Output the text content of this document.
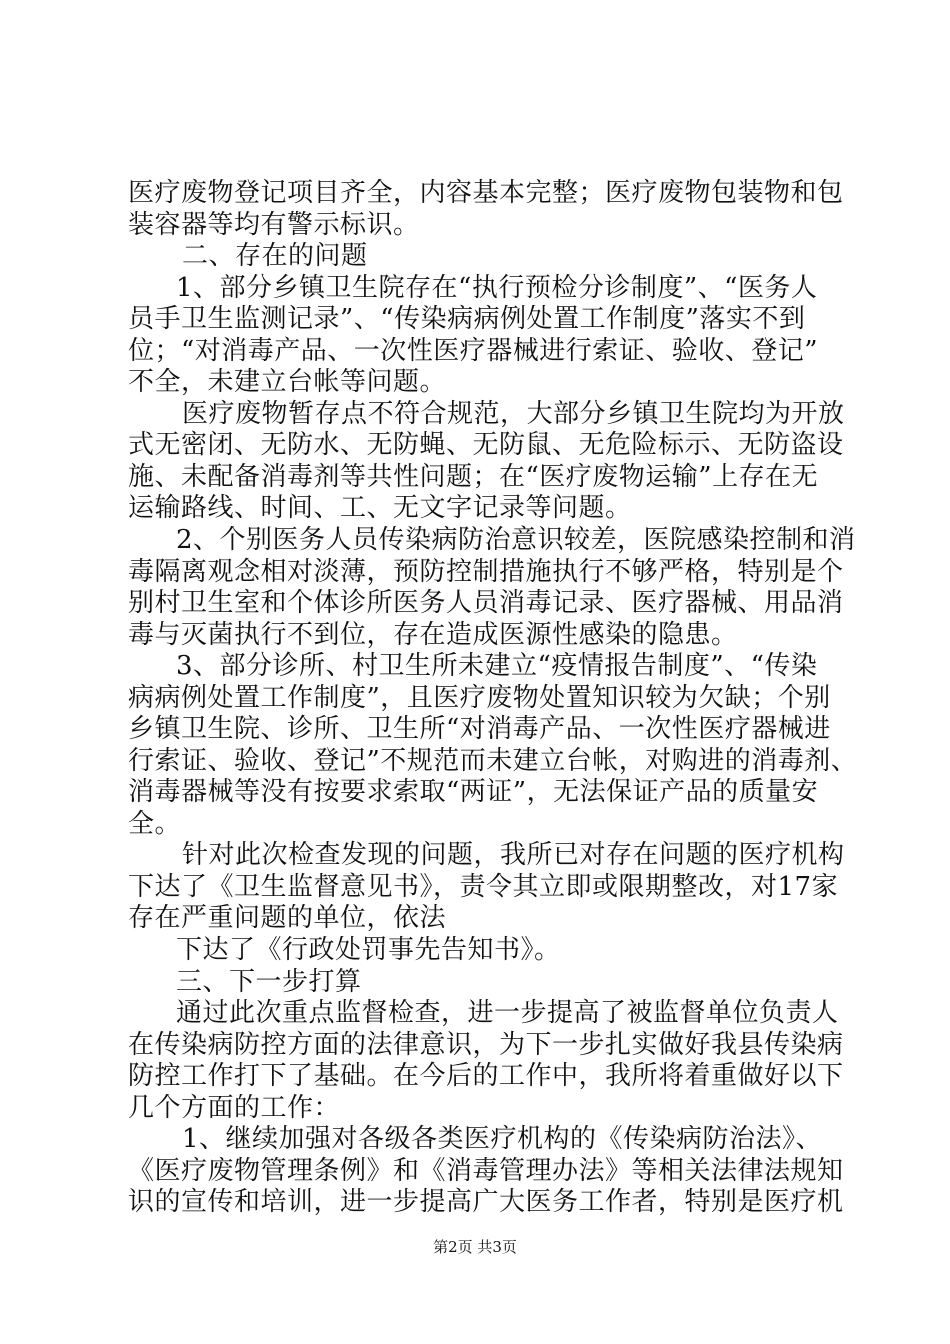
医疗废物登记项目齐全，内容基本完整；医疗废物包装物和包
装容器等均有警示标识。
二、存在的问题
1、部分乡镇卫生院存在“执行预检分诊制度”、“医务人
员手卫生监测记录”、“传染病病例处置工作制度”落实不到
位；“对消毒产品、一次性医疗器械进行索证、验收、登记”
不全，未建立台帐等问题。
医疗废物暂存点不符合规范，大部分乡镇卫生院均为开放
式无密闭、无防水、无防蝇、无防鼠、无危险标示、无防盗设
施、未配备消毒剂等共性问题；在“医疗废物运输”上存在无
运输路线、时间、工、无文字记录等问题。
2、个别医务人员传染病防治意识较差，医院感染控制和消
毒隔离观念相对淡薄，预防控制措施执行不够严格，特别是个
别村卫生室和个体诊所医务人员消毒记录、医疗器械、用品消
毒与灭菌执行不到位，存在造成医源性感染的隐患。
3、部分诊所、村卫生所未建立“疫情报告制度”、“传染
病病例处置工作制度”，且医疗废物处置知识较为欠缺；个别
乡镇卫生院、诊所、卫生所“对消毒产品、一次性医疗器械进
行索证、验收、登记”不规范而未建立台帐，对购进的消毒剂、
消毒器械等没有按要求索取“两证”，无法保证产品的质量安
全。
针对此次检查发现的问题，我所已对存在问题的医疗机构
下达了《卫生监督意见书》，责令其立即或限期整改，对17家
存在严重问题的单位，依法
下达了《行政处罚事先告知书》。
三、下一步打算
通过此次重点监督检查，进一步提高了被监督单位负责人
在传染病防控方面的法律意识，为下一步扎实做好我县传染病
防控工作打下了基础。在今后的工作中，我所将着重做好以下
几个方面的工作：
1、继续加强对各级各类医疗机构的《传染病防治法》、
《医疗废物管理条例》和《消毒管理办法》等相关法律法规知
识的宣传和培训，进一步提高广大医务工作者，特别是医疗机
第2页 共3页
